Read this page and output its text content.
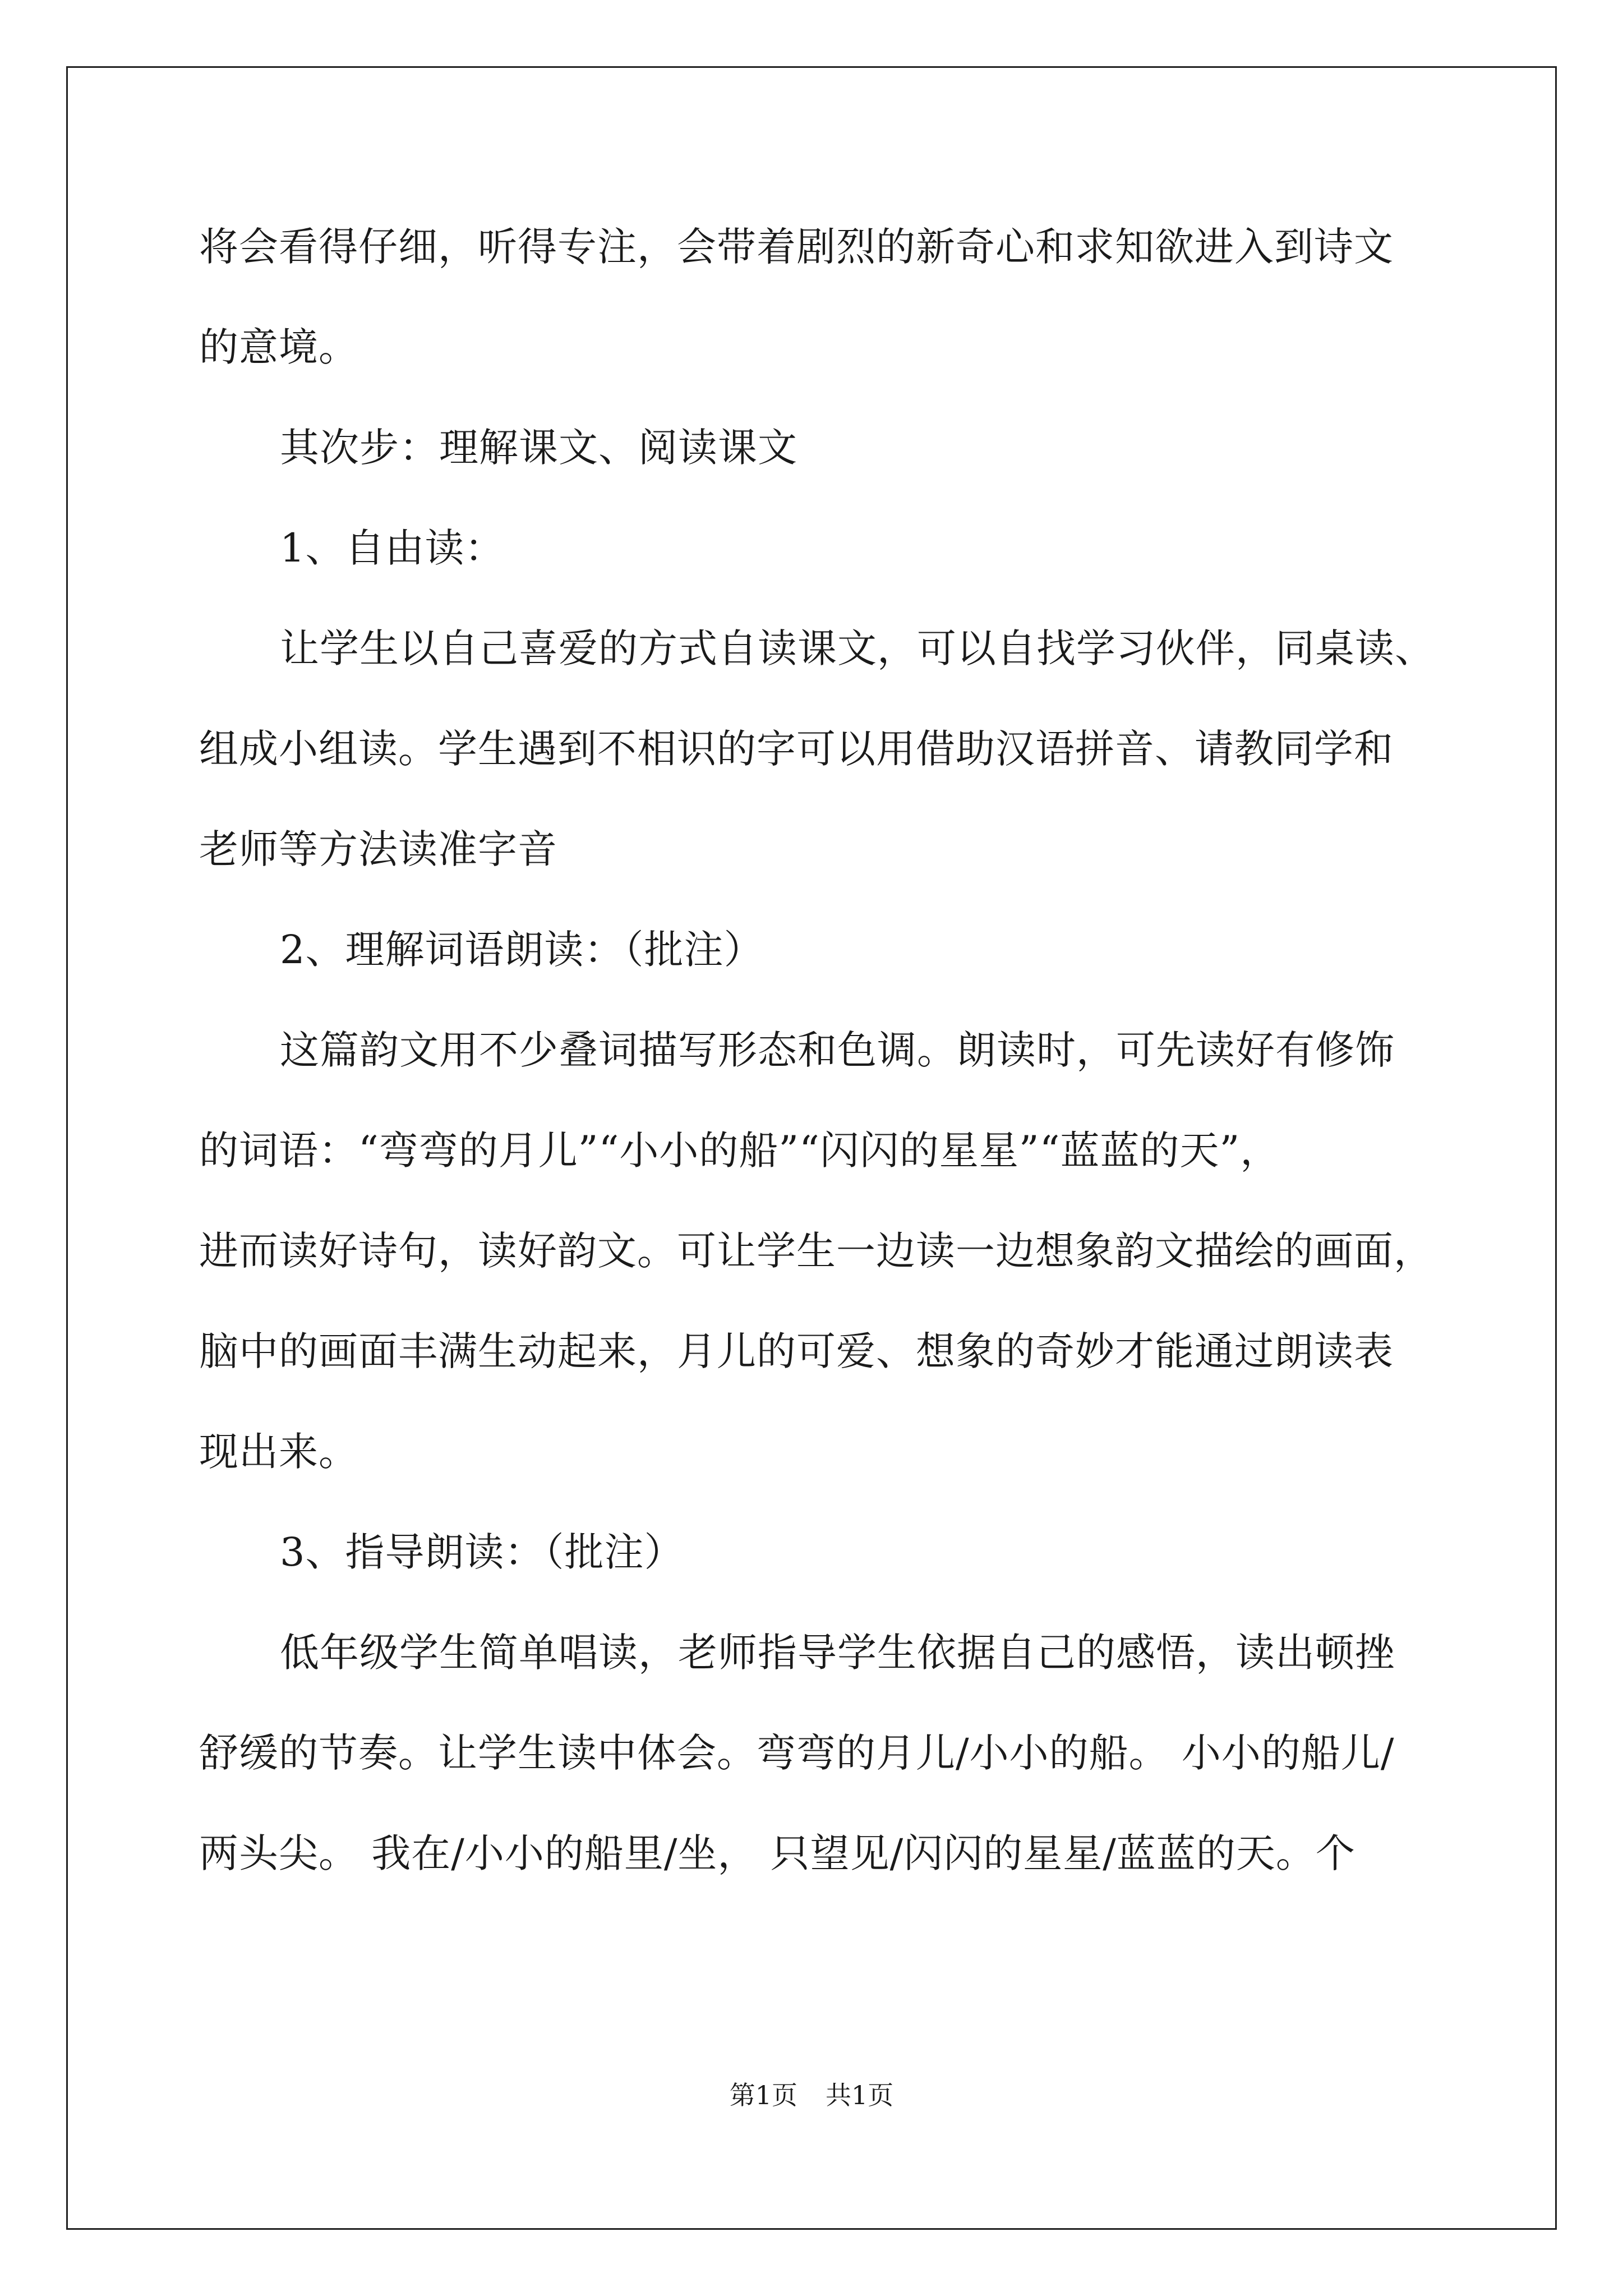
将会看得仔细，听得专注，会带着剧烈的新奇心和求知欲进入到诗文
的意境。
其次步：理解课文、阅读课文
1、自由读：
让学生以自己喜爱的方式自读课文，可以自找学习伙伴，同桌读、
组成小组读。学生遇到不相识的字可以用借助汉语拼音、请教同学和
老师等方法读准字音
2、理解词语朗读：（批注）
这篇韵文用不少叠词描写形态和色调。朗读时，可先读好有修饰
的词语：“弯弯的月儿”“小小的船”“闪闪的星星”“蓝蓝的天”，
进而读好诗句，读好韵文。可让学生一边读一边想象韵文描绘的画面，
脑中的画面丰满生动起来，月儿的可爱、想象的奇妙才能通过朗读表
现出来。
3、指导朗读：（批注）
低年级学生简单唱读，老师指导学生依据自己的感悟，读出顿挫
舒缓的节奏。让学生读中体会。弯弯的月儿/小小的船。 小小的船儿/
两头尖。 我在/小小的船里/坐， 只望见/闪闪的星星/蓝蓝的天。个
第1页 共1页
